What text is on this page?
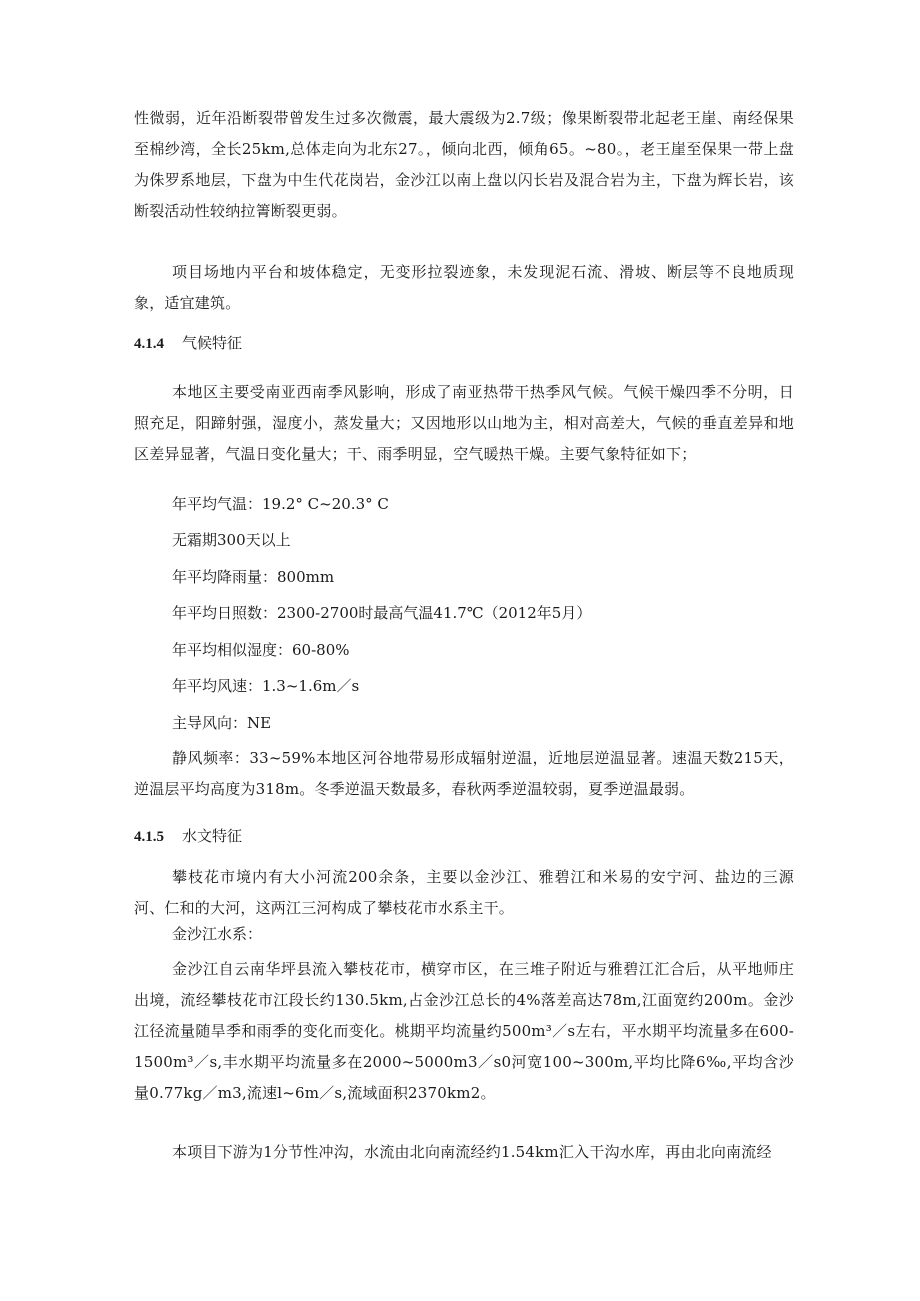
性微弱，近年沿断裂带曾发生过多次微震，最大震级为2.7级；像果断裂带北起老王崖、南经保果至棉纱湾，全长25km,总体走向为北东27。，倾向北西，倾角65。~80。，老王崖至保果一带上盘为侏罗系地层，下盘为中生代花岗岩，金沙江以南上盘以闪长岩及混合岩为主，下盘为辉长岩，该断裂活动性较纳拉箐断裂更弱。

项目场地内平台和坡体稳定，无变形拉裂迹象，未发现泥石流、滑坡、断层等不良地质现象，适宜建筑。

4.1.4 气候特征

本地区主要受南亚西南季风影响，形成了南亚热带干热季风气候。气候干燥四季不分明，日照充足，阳蹄射强，湿度小，蒸发量大；又因地形以山地为主，相对高差大，气候的垂直差异和地区差异显著，气温日变化量大；干、雨季明显，空气暖热干燥。主要气象特征如下；

年平均气温：19.2° C~20.3° C

无霜期300天以上

年平均降雨量：800mm

年平均日照数：2300-2700时最高气温41.7℃（2012年5月）

年平均相似湿度：60-80%

年平均风速：1.3~1.6m／s

主导风向：NE

静风频率：33~59%本地区河谷地带易形成辐射逆温，近地层逆温显著。速温天数215天，逆温层平均高度为318m。冬季逆温天数最多，春秋两季逆温较弱，夏季逆温最弱。

4.1.5 水文特征

攀枝花市境内有大小河流200余条，主要以金沙江、雅碧江和米易的安宁河、盐边的三源河、仁和的大河，这两江三河构成了攀枝花市水系主干。

金沙江水系：

金沙江自云南华坪县流入攀枝花市，横穿市区，在三堆子附近与雅碧江汇合后，从平地师庄出境，流经攀枝花市江段长约130.5km,占金沙江总长的4%落差高达78m,江面宽约200m。金沙江径流量随旱季和雨季的变化而变化。桃期平均流量约500m³／s左右，平水期平均流量多在600-1500m³／s,丰水期平均流量多在2000~5000m3／s0河宽100~300m,平均比降6‰,平均含沙量0.77kg／m3,流速l~6m／s,流域面积2370km2。

本项目下游为1分节性冲沟，水流由北向南流经约1.54km汇入干沟水库，再由北向南流经
